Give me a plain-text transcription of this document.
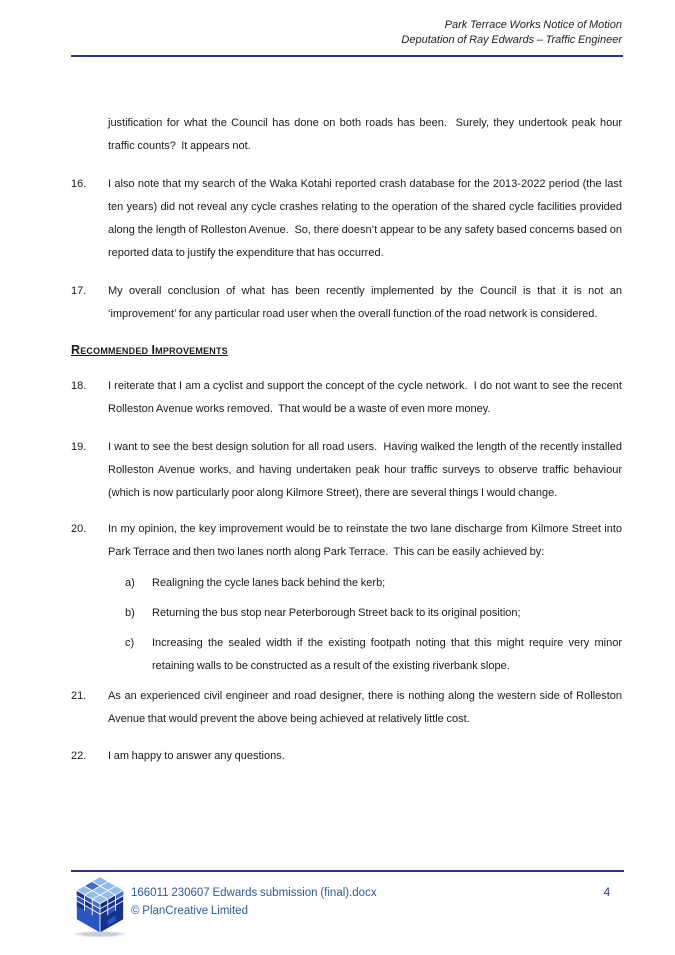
Park Terrace Works Notice of Motion
Deputation of Ray Edwards – Traffic Engineer

justification for what the Council has done on both roads has been.  Surely, they undertook peak hour traffic counts?  It appears not.

16.	I also note that my search of the Waka Kotahi reported crash database for the 2013-2022 period (the last ten years) did not reveal any cycle crashes relating to the operation of the shared cycle facilities provided along the length of Rolleston Avenue.  So, there doesn’t appear to be any safety based concerns based on reported data to justify the expenditure that has occurred.
17.	My overall conclusion of what has been recently implemented by the Council is that it is not an ‘improvement’ for any particular road user when the overall function of the road network is considered.
Recommended Improvements
18.	I reiterate that I am a cyclist and support the concept of the cycle network.  I do not want to see the recent Rolleston Avenue works removed.  That would be a waste of even more money.
19.	I want to see the best design solution for all road users.  Having walked the length of the recently installed Rolleston Avenue works, and having undertaken peak hour traffic surveys to observe traffic behaviour (which is now particularly poor along Kilmore Street), there are several things I would change.
20.	In my opinion, the key improvement would be to reinstate the two lane discharge from Kilmore Street into Park Terrace and then two lanes north along Park Terrace.  This can be easily achieved by:
a)	Realigning the cycle lanes back behind the kerb;
b)	Returning the bus stop near Peterborough Street back to its original position;
c)	Increasing the sealed width if the existing footpath noting that this might require very minor retaining walls to be constructed as a result of the existing riverbank slope.
21.	As an experienced civil engineer and road designer, there is nothing along the western side of Rolleston Avenue that would prevent the above being achieved at relatively little cost.
22.	I am happy to answer any questions.
166011 230607 Edwards submission (final).docx
© PlanCreative Limited
4
